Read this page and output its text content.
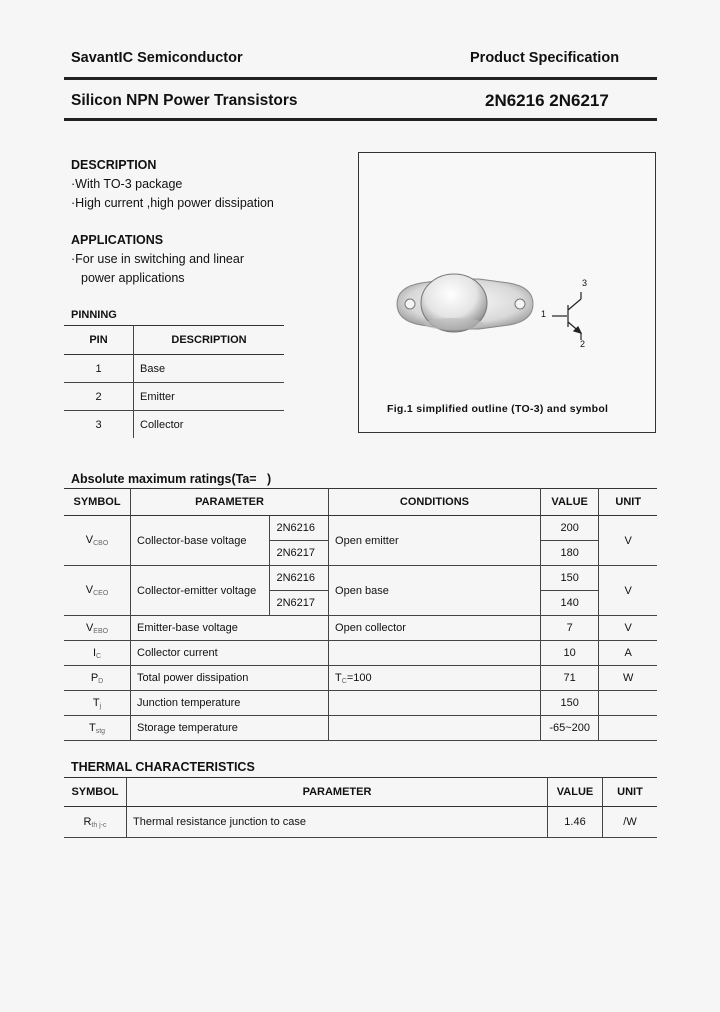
SavantIC Semiconductor	Product Specification
Silicon NPN Power Transistors	2N6216 2N6217
DESCRIPTION
·With TO-3 package
·High current ,high power dissipation
APPLICATIONS
·For use in switching and linear
power applications
PINNING
PIN	DESCRIPTION
1	Base
2	Emitter
3	Collector
3
1
2
Fig.1 simplified outline (TO-3) and symbol
Absolute maximum ratings(Ta=   )
SYMBOL	PARAMETER		CONDITIONS	VALUE	UNIT
$V_{CBO}$	Collector-base voltage	2N6216	Open emitter	200	V
		2N6217		180	
$V_{CEO}$	Collector-emitter voltage	2N6216	Open base	150	V
		2N6217		140	
$V_{EBO}$	Emitter-base voltage		Open collector	7	V
$I_C$	Collector current			10	A
$P_D$	Total power dissipation		$T_C=100$	71	W
$T_j$	Junction temperature			150	
$T_{stg}$	Storage temperature			-65~200	
THERMAL CHARACTERISTICS
SYMBOL	PARAMETER	VALUE	UNIT
$R_{th j-c}$	Thermal resistance junction to case	1.46	/W
